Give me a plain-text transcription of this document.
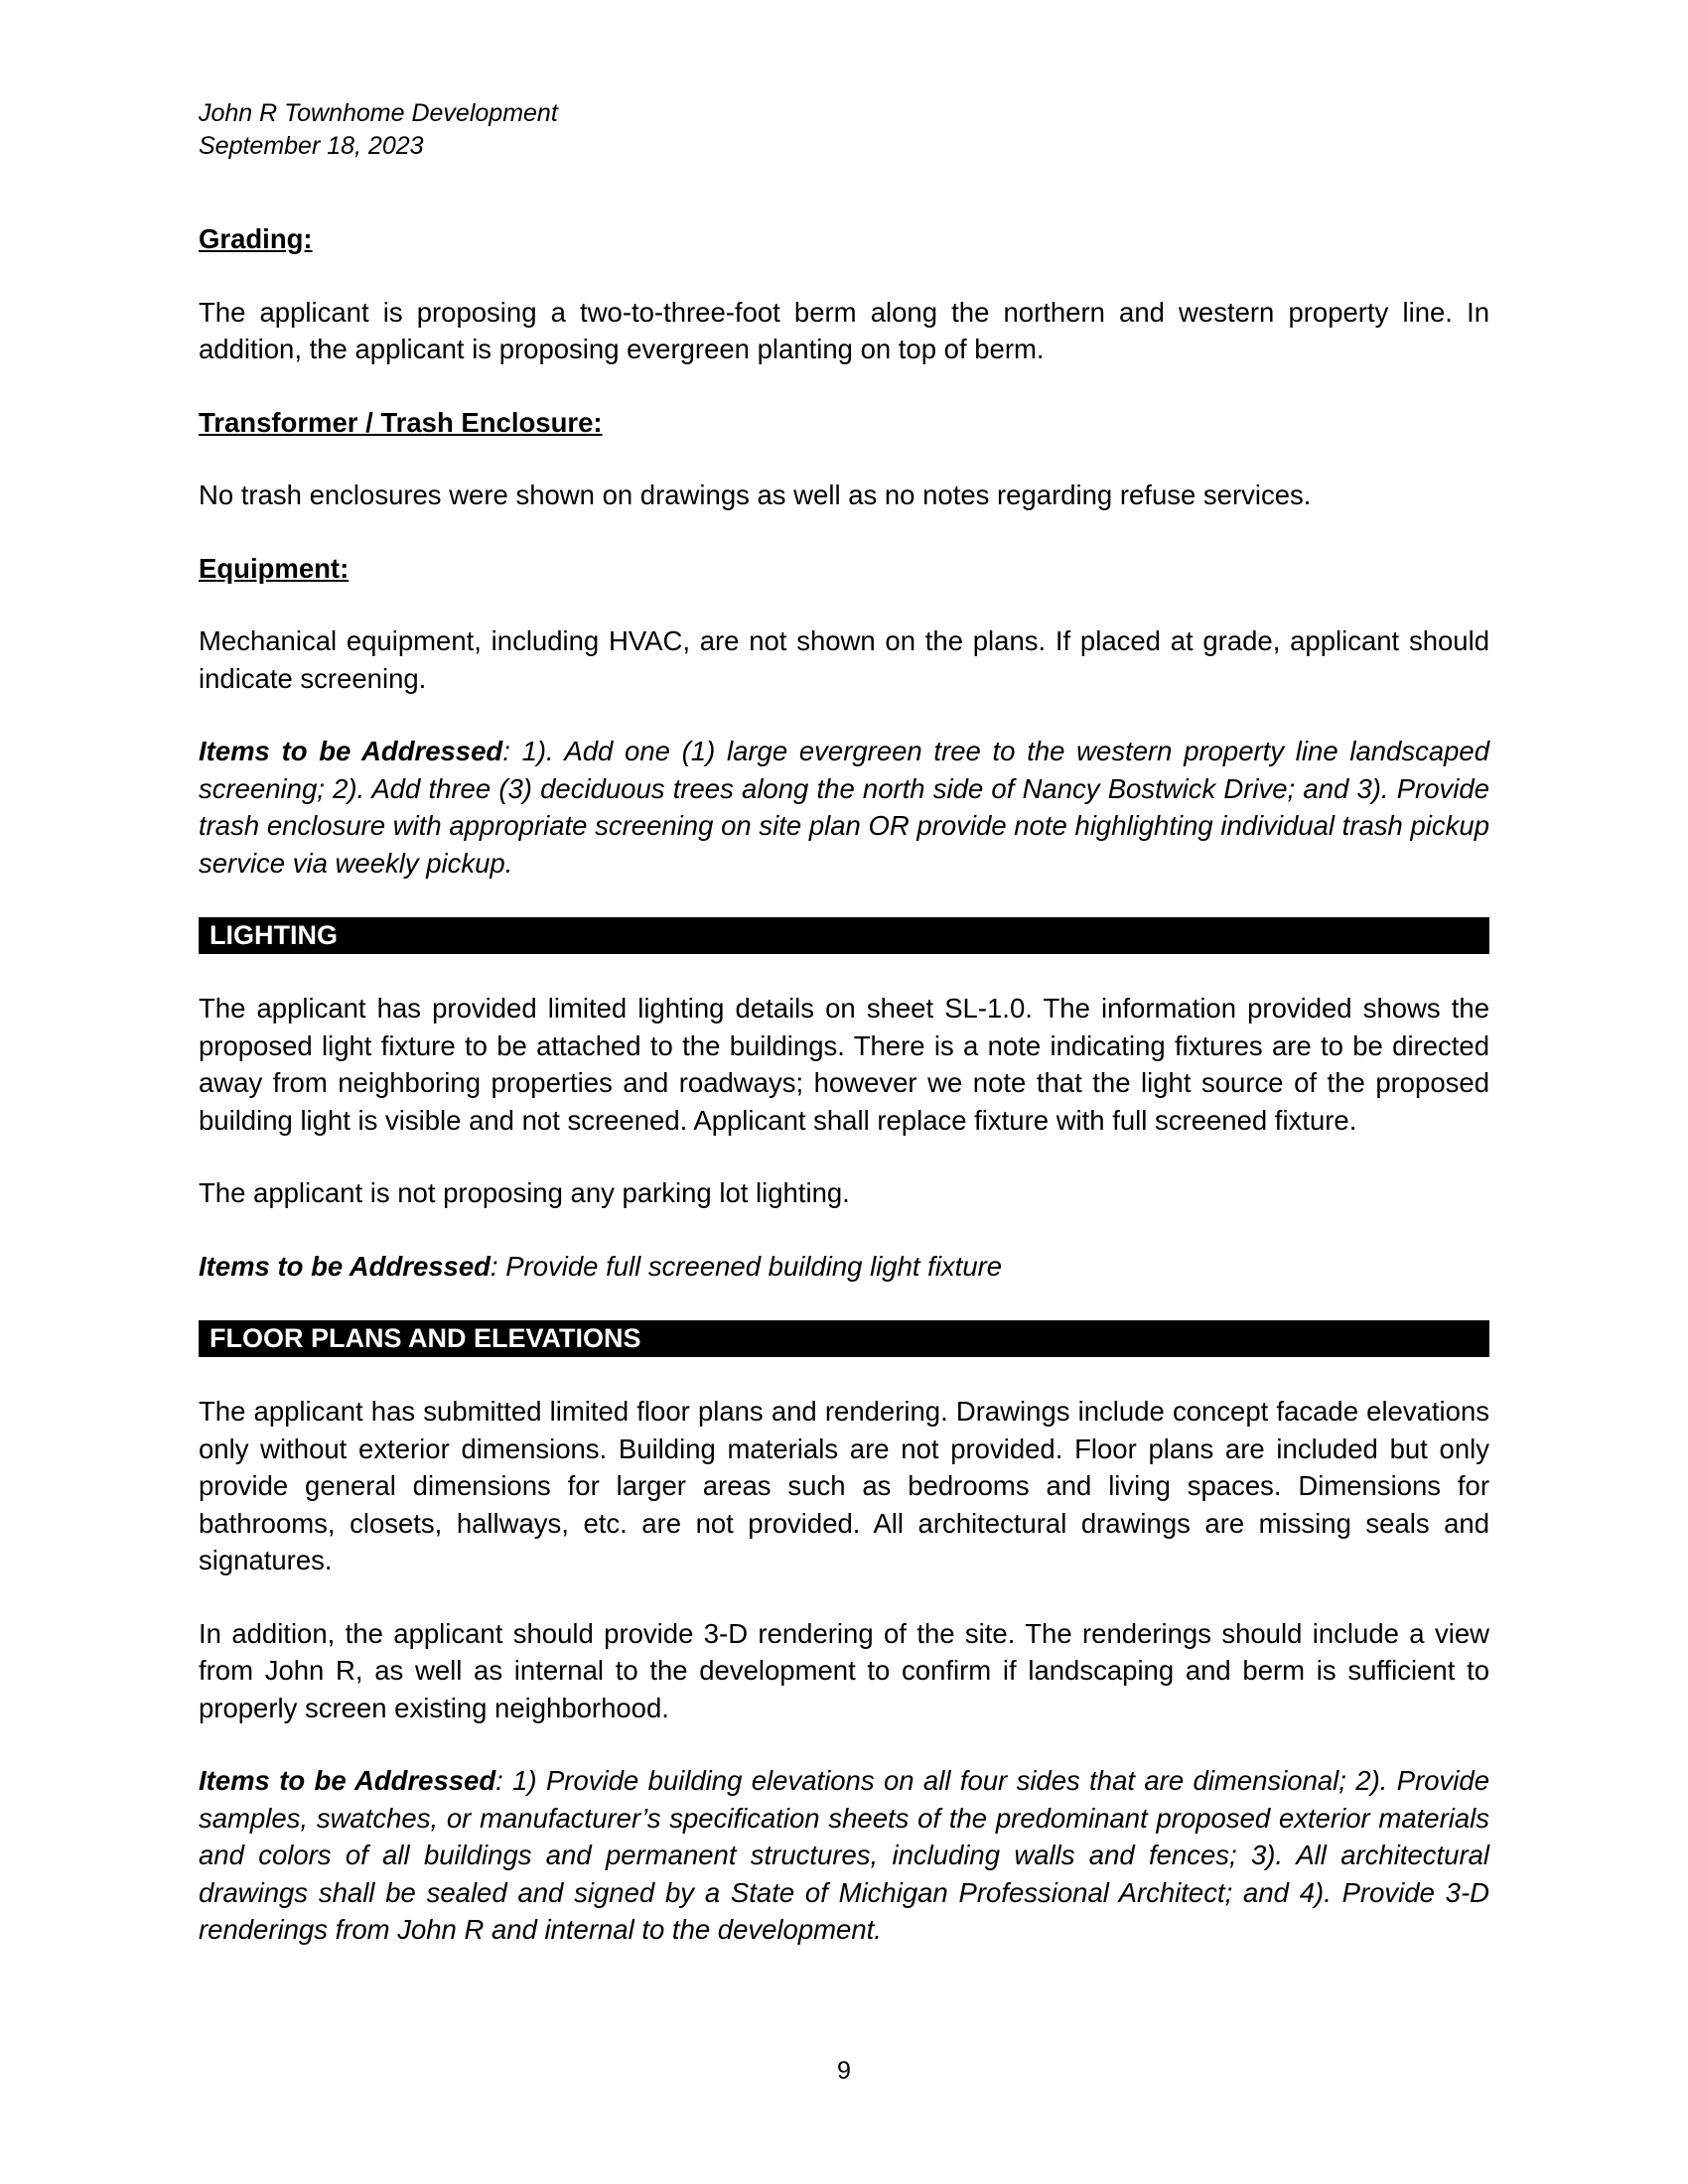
John R Townhome Development

September 18, 2023

Grading:

The applicant is proposing a two-to-three-foot berm along the northern and western property line. In addition, the applicant is proposing evergreen planting on top of berm.

Transformer / Trash Enclosure:

No trash enclosures were shown on drawings as well as no notes regarding refuse services.

Equipment:

Mechanical equipment, including HVAC, are not shown on the plans. If placed at grade, applicant should indicate screening.

Items to be Addressed: 1). Add one (1) large evergreen tree to the western property line landscaped screening; 2). Add three (3) deciduous trees along the north side of Nancy Bostwick Drive; and 3). Provide trash enclosure with appropriate screening on site plan OR provide note highlighting individual trash pickup service via weekly pickup.

LIGHTING

The applicant has provided limited lighting details on sheet SL-1.0. The information provided shows the proposed light fixture to be attached to the buildings. There is a note indicating fixtures are to be directed away from neighboring properties and roadways; however we note that the light source of the proposed building light is visible and not screened. Applicant shall replace fixture with full screened fixture.

The applicant is not proposing any parking lot lighting.

Items to be Addressed: Provide full screened building light fixture

FLOOR PLANS AND ELEVATIONS

The applicant has submitted limited floor plans and rendering. Drawings include concept facade elevations only without exterior dimensions. Building materials are not provided. Floor plans are included but only provide general dimensions for larger areas such as bedrooms and living spaces. Dimensions for bathrooms, closets, hallways, etc. are not provided. All architectural drawings are missing seals and signatures.

In addition, the applicant should provide 3-D rendering of the site. The renderings should include a view from John R, as well as internal to the development to confirm if landscaping and berm is sufficient to properly screen existing neighborhood.

Items to be Addressed: 1) Provide building elevations on all four sides that are dimensional; 2). Provide samples, swatches, or manufacturer’s specification sheets of the predominant proposed exterior materials and colors of all buildings and permanent structures, including walls and fences; 3). All architectural drawings shall be sealed and signed by a State of Michigan Professional Architect; and 4). Provide 3-D renderings from John R and internal to the development.

9
